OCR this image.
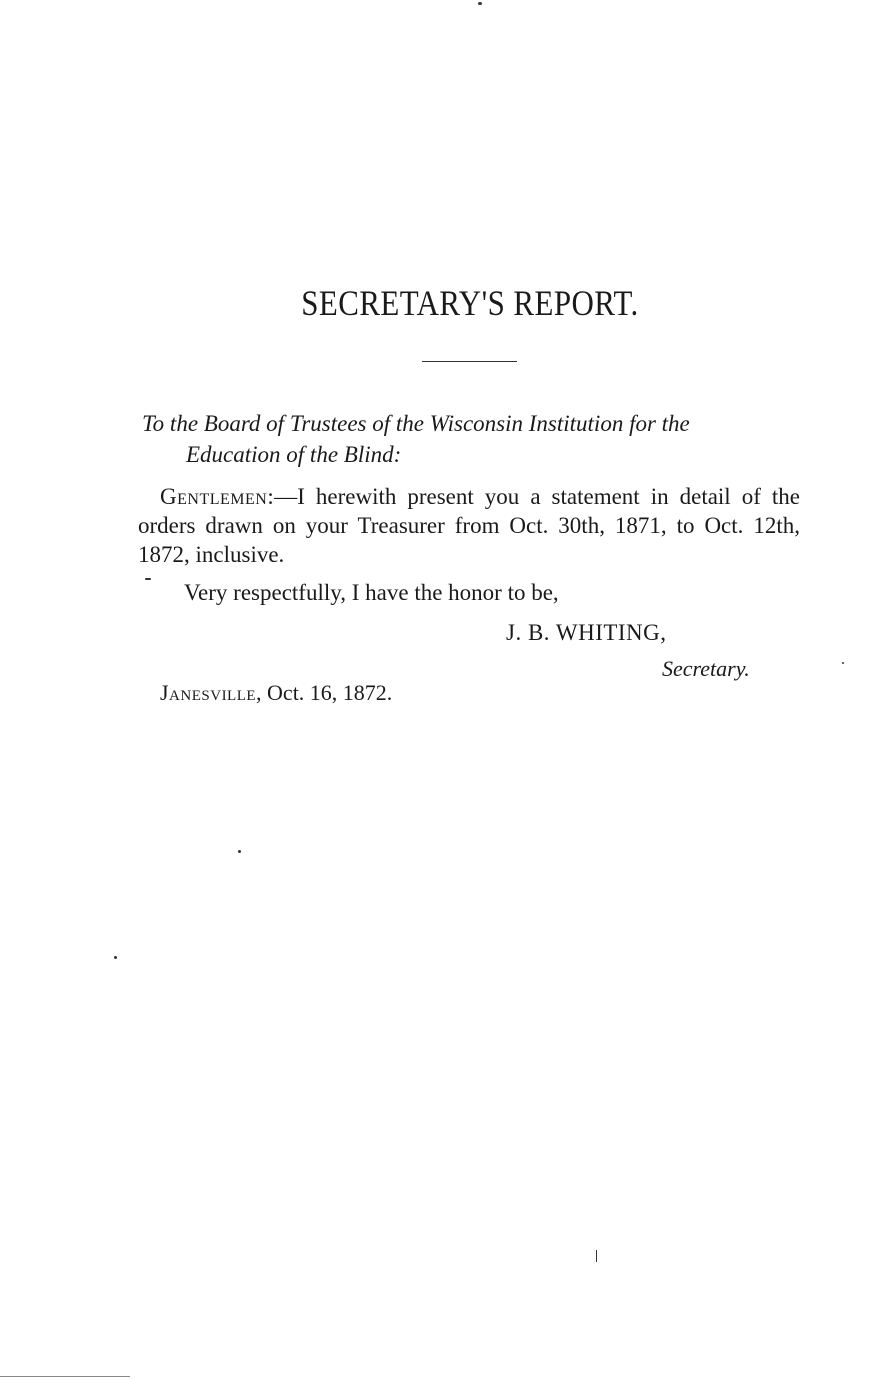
SECRETARY'S REPORT.
To the Board of Trustees of the Wisconsin Institution for the
Education of the Blind:
Gentlemen:—I herewith present you a statement in detail of the orders drawn on your Treasurer from Oct. 30th, 1871, to Oct. 12th, 1872, inclusive.
Very respectfully, I have the honor to be,
J. B. WHITING,
Secretary.
Janesville, Oct. 16, 1872.
